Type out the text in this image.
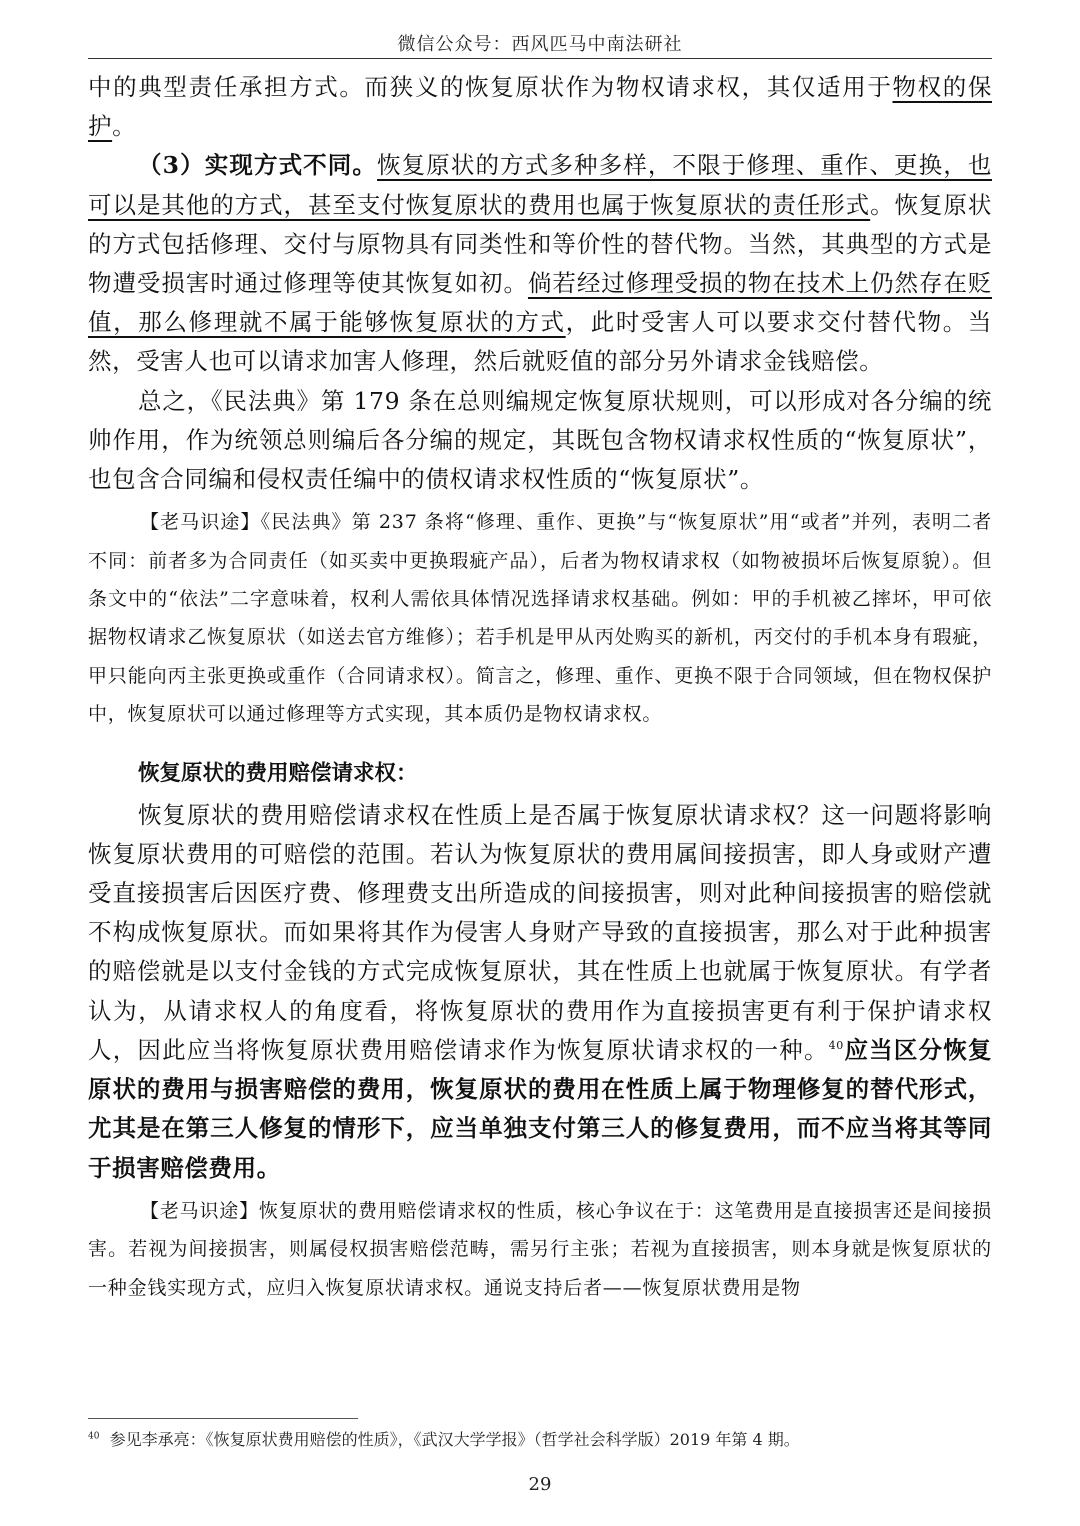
微信公众号：西风匹马中南法研社

中的典型责任承担方式。而狭义的恢复原状作为物权请求权，其仅适用于物权的保护。

（3）实现方式不同。恢复原状的方式多种多样，不限于修理、重作、更换，也可以是其他的方式，甚至支付恢复原状的费用也属于恢复原状的责任形式。恢复原状的方式包括修理、交付与原物具有同类性和等价性的替代物。当然，其典型的方式是物遭受损害时通过修理等使其恢复如初。倘若经过修理受损的物在技术上仍然存在贬值，那么修理就不属于能够恢复原状的方式，此时受害人可以要求交付替代物。当然，受害人也可以请求加害人修理，然后就贬值的部分另外请求金钱赔偿。

总之，《民法典》第 179 条在总则编规定恢复原状规则，可以形成对各分编的统帅作用，作为统领总则编后各分编的规定，其既包含物权请求权性质的“恢复原状”，也包含合同编和侵权责任编中的债权请求权性质的“恢复原状”。

【老马识途】《民法典》第 237 条将“修理、重作、更换”与“恢复原状”用“或者”并列，表明二者不同：前者多为合同责任（如买卖中更换瑕疵产品），后者为物权请求权（如物被损坏后恢复原貌）。但条文中的“依法”二字意味着，权利人需依具体情况选择请求权基础。例如：甲的手机被乙摔坏，甲可依据物权请求乙恢复原状（如送去官方维修）；若手机是甲从丙处购买的新机，丙交付的手机本身有瑕疵，甲只能向丙主张更换或重作（合同请求权）。简言之，修理、重作、更换不限于合同领域，但在物权保护中，恢复原状可以通过修理等方式实现，其本质仍是物权请求权。

恢复原状的费用赔偿请求权：

恢复原状的费用赔偿请求权在性质上是否属于恢复原状请求权？这一问题将影响恢复原状费用的可赔偿的范围。若认为恢复原状的费用属间接损害，即人身或财产遭受直接损害后因医疗费、修理费支出所造成的间接损害，则对此种间接损害的赔偿就不构成恢复原状。而如果将其作为侵害人身财产导致的直接损害，那么对于此种损害的赔偿就是以支付金钱的方式完成恢复原状，其在性质上也就属于恢复原状。有学者认为，从请求权人的角度看，将恢复原状的费用作为直接损害更有利于保护请求权人，因此应当将恢复原状费用赔偿请求作为恢复原状请求权的一种。$^{40}$应当区分恢复原状的费用与损害赔偿的费用，恢复原状的费用在性质上属于物理修复的替代形式，尤其是在第三人修复的情形下，应当单独支付第三人的修复费用，而不应当将其等同于损害赔偿费用。

【老马识途】恢复原状的费用赔偿请求权的性质，核心争议在于：这笔费用是直接损害还是间接损害。若视为间接损害，则属侵权损害赔偿范畴，需另行主张；若视为直接损害，则本身就是恢复原状的一种金钱实现方式，应归入恢复原状请求权。通说支持后者——恢复原状费用是物

$^{40}$ 参见李承亮：《恢复原状费用赔偿的性质》，《武汉大学学报》（哲学社会科学版）2019 年第 4 期。
29
